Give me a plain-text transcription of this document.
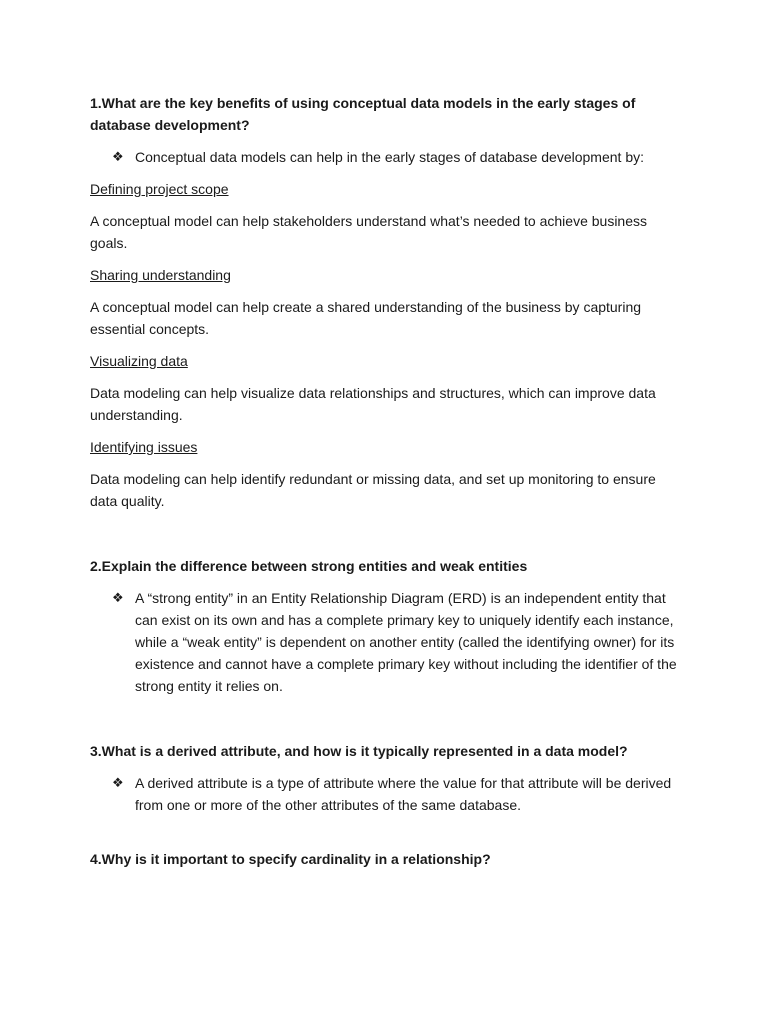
1.What are the key benefits of using conceptual data models in the early stages of database development?

❖ Conceptual data models can help in the early stages of database development by:

Defining project scope

A conceptual model can help stakeholders understand what’s needed to achieve business goals.

Sharing understanding

A conceptual model can help create a shared understanding of the business by capturing essential concepts.

Visualizing data

Data modeling can help visualize data relationships and structures, which can improve data understanding.

Identifying issues

Data modeling can help identify redundant or missing data, and set up monitoring to ensure data quality.

2.Explain the difference between strong entities and weak entities

❖ A “strong entity” in an Entity Relationship Diagram (ERD) is an independent entity that can exist on its own and has a complete primary key to uniquely identify each instance, while a “weak entity” is dependent on another entity (called the identifying owner) for its existence and cannot have a complete primary key without including the identifier of the strong entity it relies on.

3.What is a derived attribute, and how is it typically represented in a data model?

❖ A derived attribute is a type of attribute where the value for that attribute will be derived from one or more of the other attributes of the same database.

4.Why is it important to specify cardinality in a relationship?
